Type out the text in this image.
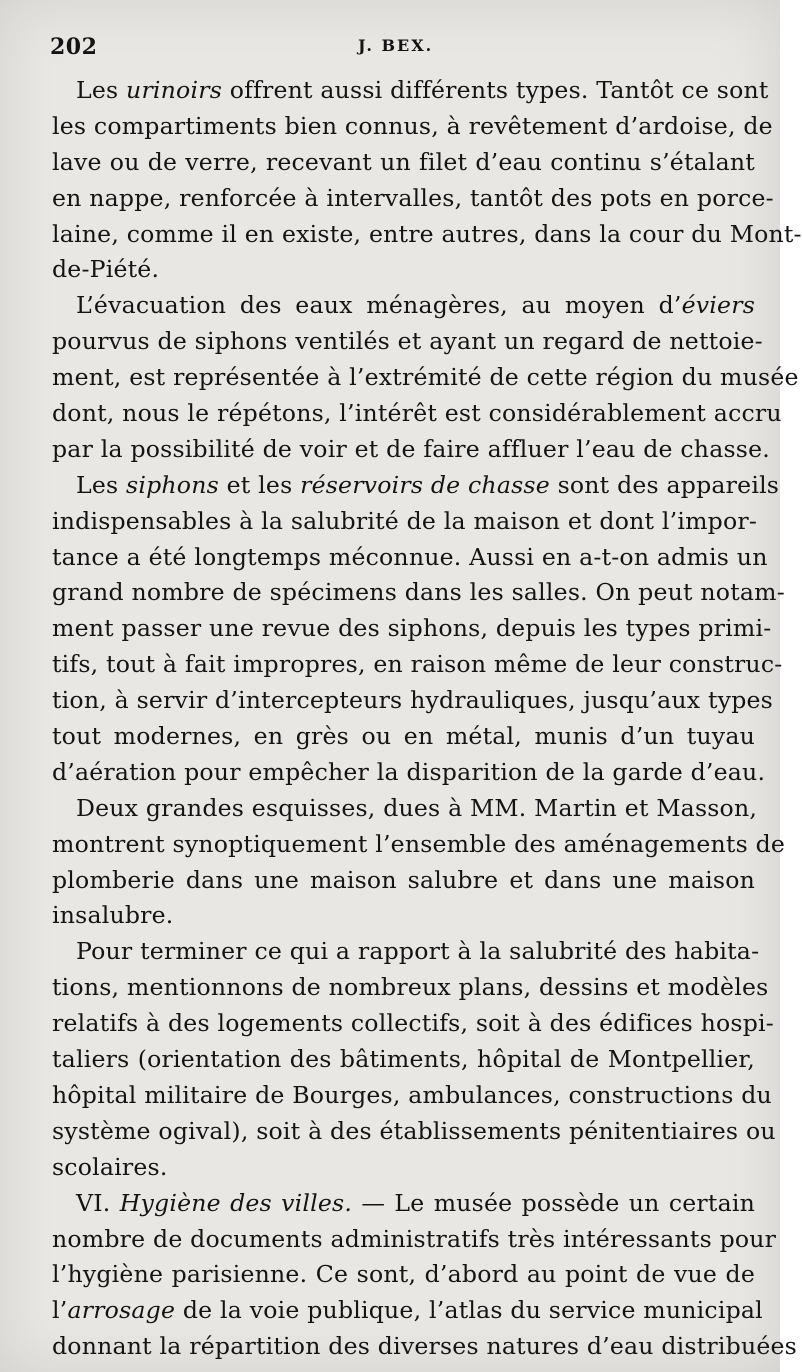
202	J. BEX.
Les urinoirs offrent aussi différents types. Tantôt ce sont
les compartiments bien connus, à revêtement d’ardoise, de
lave ou de verre, recevant un filet d’eau continu s’étalant
en nappe, renforcée à intervalles, tantôt des pots en porce-
laine, comme il en existe, entre autres, dans la cour du Mont-
de-Piété.
L’évacuation des eaux ménagères, au moyen d’éviers
pourvus de siphons ventilés et ayant un regard de nettoie-
ment, est représentée à l’extrémité de cette région du musée
dont, nous le répétons, l’intérêt est considérablement accru
par la possibilité de voir et de faire affluer l’eau de chasse.
Les siphons et les réservoirs de chasse sont des appareils
indispensables à la salubrité de la maison et dont l’impor-
tance a été longtemps méconnue. Aussi en a-t-on admis un
grand nombre de spécimens dans les salles. On peut notam-
ment passer une revue des siphons, depuis les types primi-
tifs, tout à fait impropres, en raison même de leur construc-
tion, à servir d’intercepteurs hydrauliques, jusqu’aux types
tout modernes, en grès ou en métal, munis d’un tuyau
d’aération pour empêcher la disparition de la garde d’eau.
Deux grandes esquisses, dues à MM. Martin et Masson,
montrent synoptiquement l’ensemble des aménagements de
plomberie dans une maison salubre et dans une maison
insalubre.
Pour terminer ce qui a rapport à la salubrité des habita-
tions, mentionnons de nombreux plans, dessins et modèles
relatifs à des logements collectifs, soit à des édifices hospi-
taliers (orientation des bâtiments, hôpital de Montpellier,
hôpital militaire de Bourges, ambulances, constructions du
système ogival), soit à des établissements pénitentiaires ou
scolaires.
VI. Hygiène des villes. — Le musée possède un certain
nombre de documents administratifs très intéressants pour
l’hygiène parisienne. Ce sont, d’abord au point de vue de
l’arrosage de la voie publique, l’atlas du service municipal
donnant la répartition des diverses natures d’eau distribuées
